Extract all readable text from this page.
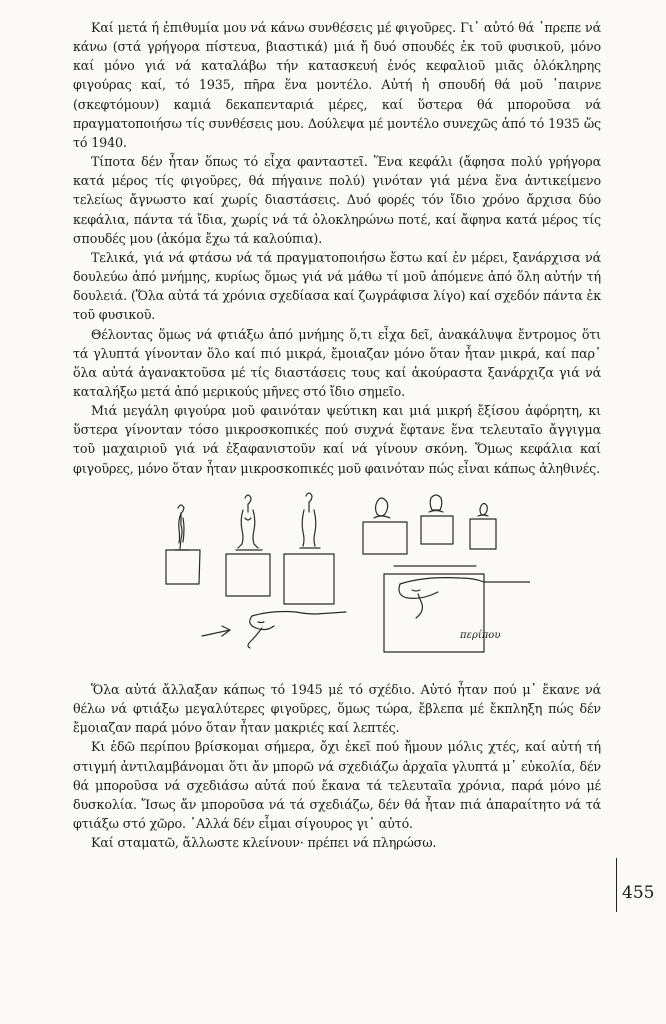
Καί μετά ή ἐπιθυμία μου νά κάνω συνθέσεις μέ φιγοῦρες. Γι᾽ αὐτό θά ᾽πρεπε νά κάνω (στά γρήγορα πίστευα, βιαστικά) μιά ἤ δυό σπουδές ἐκ τοῦ φυσικοῦ, μόνο καί μόνο γιά νά καταλάβω τήν κατασκευή ἑνός κεφαλιοῦ μιᾶς ὁλόκληρης φιγούρας καί, τό 1935, πῆρα ἕνα μοντέλο. Αὐτή ἡ σπουδή θά μοῦ ᾽παιρνε (σκεφτόμουν) καμιά δεκαπενταριά μέρες, καί ὕστερα θά μποροῦσα νά πραγματοποιήσω τίς συνθέσεις μου. Δούλεψα μέ μοντέλο συνεχῶς ἀπό τό 1935 ὥς τό 1940.

Τίποτα δέν ἦταν ὅπως τό εἶχα φανταστεῖ. Ἕνα κεφάλι (ἄφησα πολύ γρήγορα κατά μέρος τίς φιγοῦρες, θά πήγαινε πολύ) γινόταν γιά μένα ἕνα ἀντικείμενο τελείως ἄγνωστο καί χωρίς διαστάσεις. Δυό φορές τόν ἴδιο χρόνο ἄρχισα δύο κεφάλια, πάντα τά ἴδια, χωρίς νά τά ὁλοκληρώνω ποτέ, καί ἄφηνα κατά μέρος τίς σπουδές μου (ἀκόμα ἔχω τά καλούπια).

Τελικά, γιά νά φτάσω νά τά πραγματοποιήσω ἔστω καί ἐν μέρει, ξανάρχισα νά δουλεύω ἀπό μνήμης, κυρίως ὅμως γιά νά μάθω τί μοῦ ἀπόμενε ἀπό ὅλη αὐτήν τή δουλειά. (Ὅλα αὐτά τά χρόνια σχεδίασα καί ζωγράφισα λίγο) καί σχεδόν πάντα ἐκ τοῦ φυσικοῦ.

Θέλοντας ὅμως νά φτιάξω ἀπό μνήμης ὅ,τι εἶχα δεῖ, ἀνακάλυψα ἔντρομος ὅτι τά γλυπτά γίνονταν ὅλο καί πιό μικρά, ἔμοιαζαν μόνο ὅταν ἦταν μικρά, καί παρ᾽ ὅλα αὐτά ἀγανακτοῦσα μέ τίς διαστάσεις τους καί ἀκούραστα ξανάρχιζα γιά νά καταλήξω μετά ἀπό μερικούς μῆνες στό ἴδιο σημεῖο.

Μιά μεγάλη φιγούρα μοῦ φαινόταν ψεύτικη και μιά μικρή ἔξίσου ἀφόρητη, κι ὕστερα γίνονταν τόσο μικροσκοπικές πού συχνά ἔφτανε ἕνα τελευταῖο ἄγγιγμα τοῦ μαχαιριοῦ γιά νά ἐξαφανιστοῦν καί νά γίνουν σκόνη. Ὅμως κεφάλια καί φιγοῦρες, μόνο ὅταν ἦταν μικροσκοπικές μοῦ φαινόταν πώς εἶναι κάπως ἀληθινές.

περίπου

Ὅλα αὐτά ἄλλαξαν κάπως τό 1945 μέ τό σχέδιο. Αὐτό ἦταν πού μ᾽ ἔκανε νά θέλω νά φτιάξω μεγαλύτερες φιγοῦρες, ὅμως τώρα, ἔβλεπα μέ ἔκπληξη πώς δέν ἔμοιαζαν παρά μόνο ὅταν ἦταν μακριές καί λεπτές.

Κι ἐδῶ περίπου βρίσκομαι σήμερα, ὄχι ἐκεῖ πού ἤμουν μόλις χτές, καί αὐτή τή στιγμή ἀντιλαμβάνομαι ὅτι ἄν μπορῶ νά σχεδιάζω ἀρχαῖα γλυπτά μ᾽ εὐκολία, δέν θά μποροῦσα νά σχεδιάσω αὐτά πού ἔκανα τά τελευταῖα χρόνια, παρά μόνο μέ δυσκολία. Ἴσως ἄν μποροῦσα νά τά σχεδιάζω, δέν θά ἦταν πιά ἀπαραίτητο νά τά φτιάξω στό χῶρο. ᾽Αλλά δέν εἶμαι σίγουρος γι᾽ αὐτό.

Καί σταματῶ, ἄλλωστε κλείνουν· πρέπει νά πληρώσω.

455
